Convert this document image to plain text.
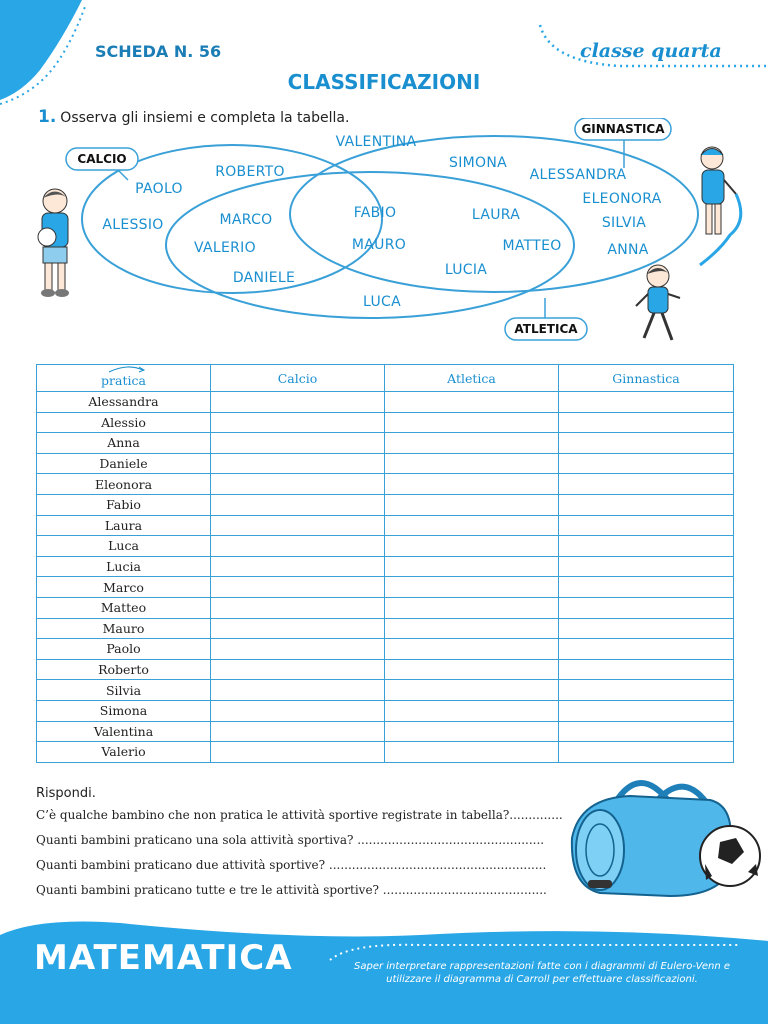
SCHEDA N. 56	classe quarta
CLASSIFICAZIONI
1. Osserva gli insiemi e completa la tabella.
CALCIO
GINNASTICA
ATLETICA
VALENTINA
ROBERTO
PAOLO
ALESSIO	MARCO
VALERIO
DANIELE
FABIO
MAURO
SIMONA
ALESSANDRA
ELEONORA
SILVIA
ANNA
LAURA
MATTEO
LUCIA
LUCA
pratica	Calcio	Atletica	Ginnastica
Alessandra			
Alessio			
Anna			
Daniele			
Eleonora			
Fabio			
Laura			
Luca			
Lucia			
Marco			
Matteo			
Mauro			
Paolo			
Roberto			
Silvia			
Simona			
Valentina			
Valerio			
Rispondi.
C’è qualche bambino che non pratica le attività sportive registrate in tabella?..............
Quanti bambini praticano una sola attività sportiva? .................................................
Quanti bambini praticano due attività sportive? .........................................................
Quanti bambini praticano tutte e tre le attività sportive? ...........................................
MATEMATICA	Saper interpretare rappresentazioni fatte con i diagrammi di Eulero-Venn e utilizzare il diagramma di Carroll per effettuare classificazioni.
